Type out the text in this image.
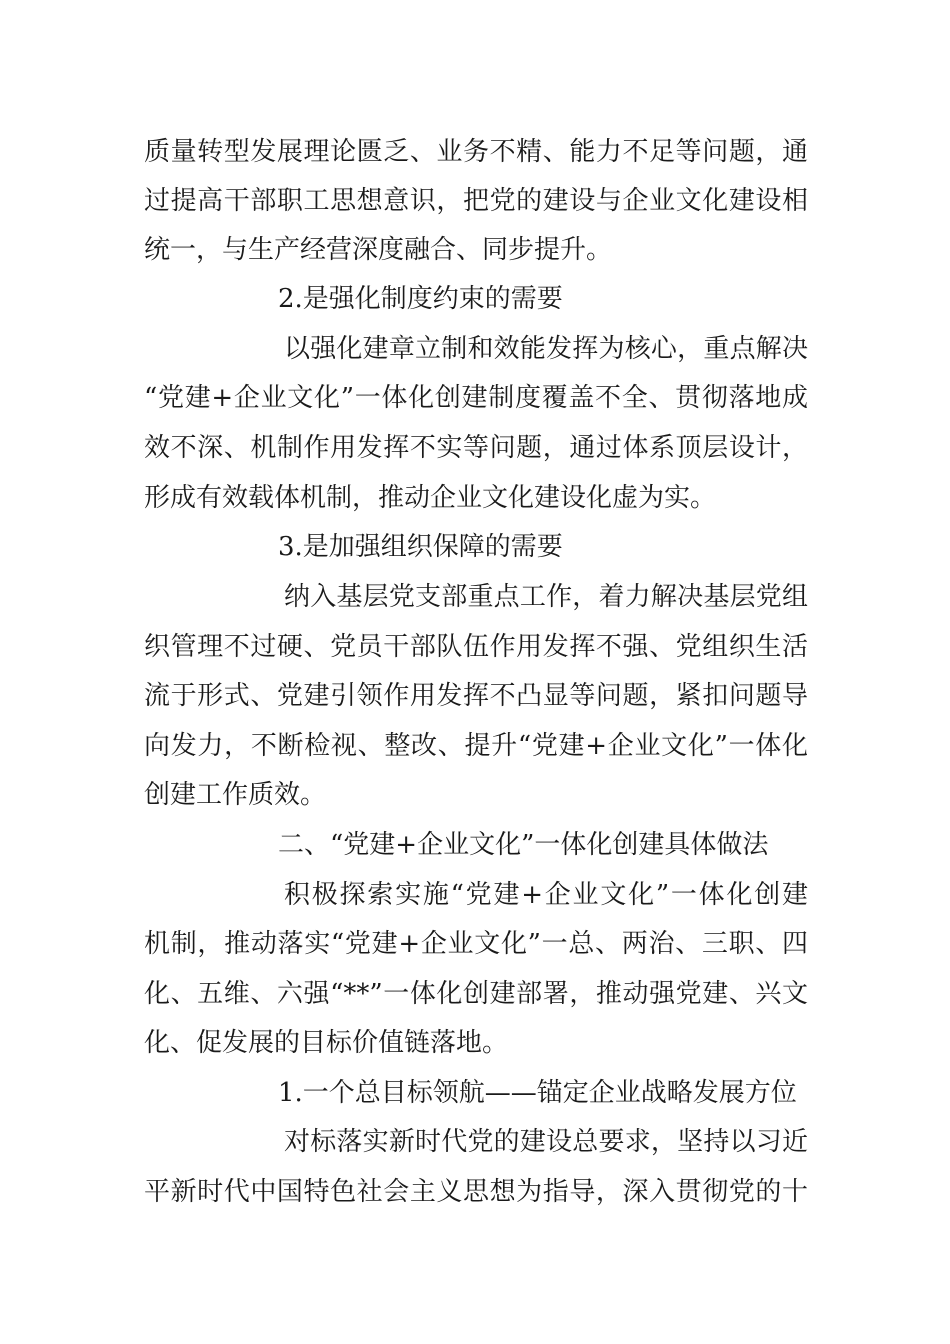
质量转型发展理论匮乏、业务不精、能力不足等问题，通
过提高干部职工思想意识，把党的建设与企业文化建设相
统一，与生产经营深度融合、同步提升。
2.是强化制度约束的需要
以强化建章立制和效能发挥为核心，重点解决
“党建+企业文化”一体化创建制度覆盖不全、贯彻落地成
效不深、机制作用发挥不实等问题，通过体系顶层设计，
形成有效载体机制，推动企业文化建设化虚为实。
3.是加强组织保障的需要
纳入基层党支部重点工作，着力解决基层党组
织管理不过硬、党员干部队伍作用发挥不强、党组织生活
流于形式、党建引领作用发挥不凸显等问题，紧扣问题导
向发力，不断检视、整改、提升“党建+企业文化”一体化
创建工作质效。
二、“党建+企业文化”一体化创建具体做法
积极探索实施“党建+企业文化”一体化创建
机制，推动落实“党建+企业文化”一总、两治、三职、四
化、五维、六强“**”一体化创建部署，推动强党建、兴文
化、促发展的目标价值链落地。
1.一个总目标领航——锚定企业战略发展方位
对标落实新时代党的建设总要求，坚持以习近
平新时代中国特色社会主义思想为指导，深入贯彻党的十
